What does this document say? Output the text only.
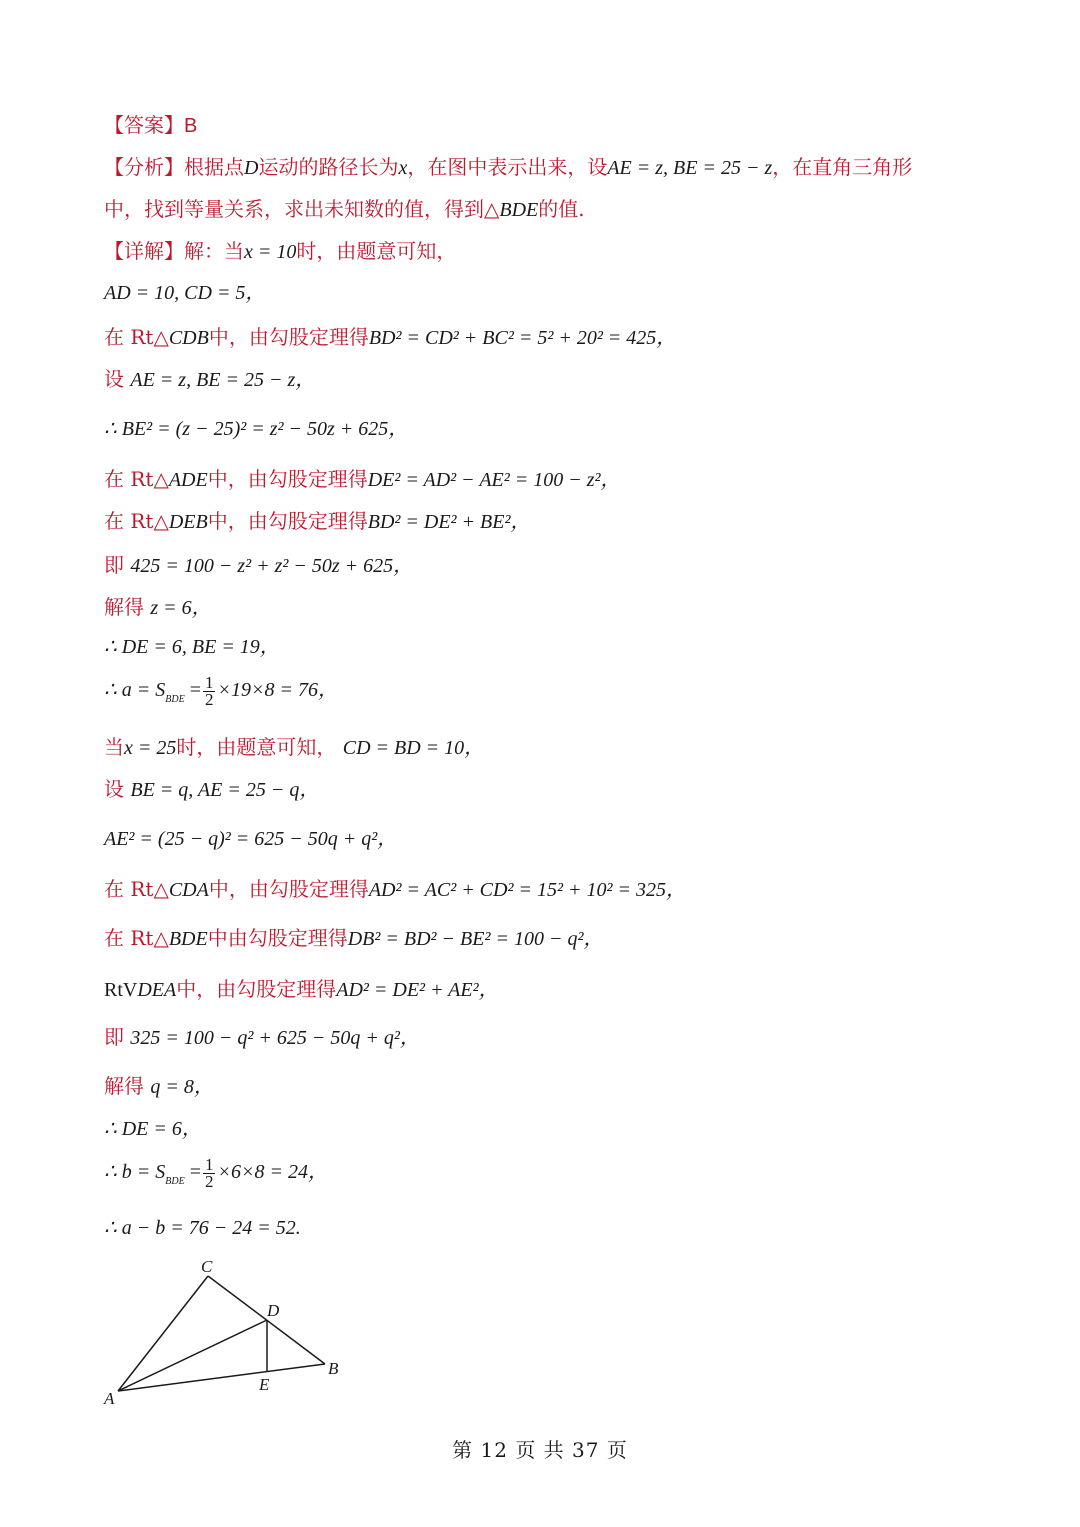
【答案】B
【分析】根据点D运动的路径长为x，在图中表示出来，设AE = z, BE = 25 − z，在直角三角形
中，找到等量关系，求出未知数的值，得到△BDE的值.
【详解】解：当x = 10时，由题意可知，
AD = 10, CD = 5，
在 Rt△CDB中，由勾股定理得BD² = CD² + BC² = 5² + 20² = 425，
设 AE = z, BE = 25 − z，
∴ BE² = (z − 25)² = z² − 50z + 625，
在 Rt△ADE中，由勾股定理得DE² = AD² − AE² = 100 − z²，
在 Rt△DEB中，由勾股定理得BD² = DE² + BE²，
即 425 = 100 − z² + z² − 50z + 625，
解得 z = 6，
∴ DE = 6, BE = 19，
∴ $a = S_{BDE} = \frac{1}{2} \times 19\times 8 = 76$，
当x = 25时，由题意可知， CD = BD = 10，
设 BE = q, AE = 25 − q，
AE² = (25 − q)² = 625 − 50q + q²，
在 Rt△CDA中，由勾股定理得AD² = AC² + CD² = 15² + 10² = 325，
在 Rt△BDE中由勾股定理得DB² = BD² − BE² = 100 − q²，
RtVDEA中，由勾股定理得AD² = DE² + AE²，
即 325 = 100 − q² + 625 − 50q + q²，
解得 q = 8，
∴ DE = 6，
∴ $b = S_{BDE} = \frac{1}{2} \times 6\times 8 = 24$，
∴ a − b = 76 − 24 = 52.
C
D
B
E
A
第 12 页 共 37 页
